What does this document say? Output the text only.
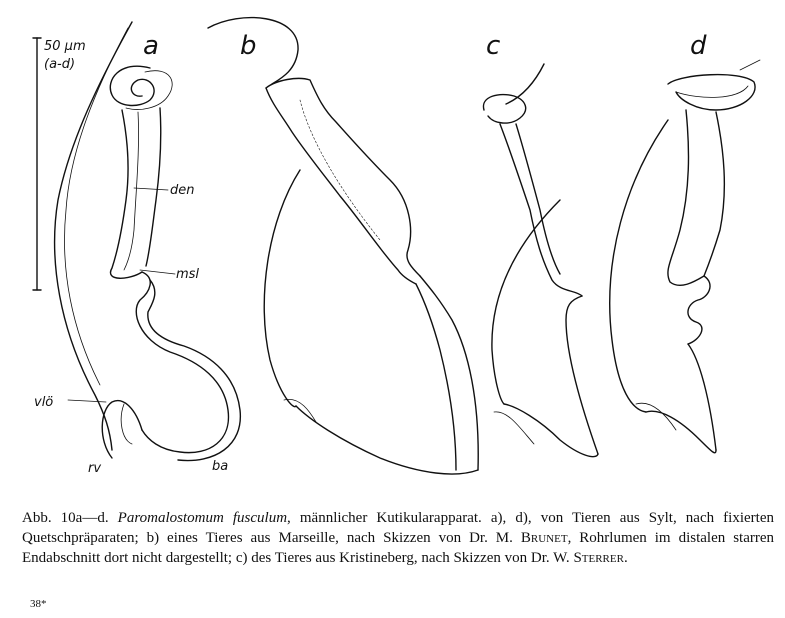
50 µm
(a-d)
a	b	c	d
den
msl
vlö
rv	ba
Abb. 10a—d. Paromalostomum fusculum, männlicher Kutikularapparat. a), d), von Tieren aus Sylt, nach fixierten Quetschpräparaten; b) eines Tieres aus Marseille, nach Skizzen von Dr. M. Brunet, Rohrlumen im distalen starren Endabschnitt dort nicht dargestellt; c) des Tieres aus Kristineberg, nach Skizzen von Dr. W. Sterrer.
38*
